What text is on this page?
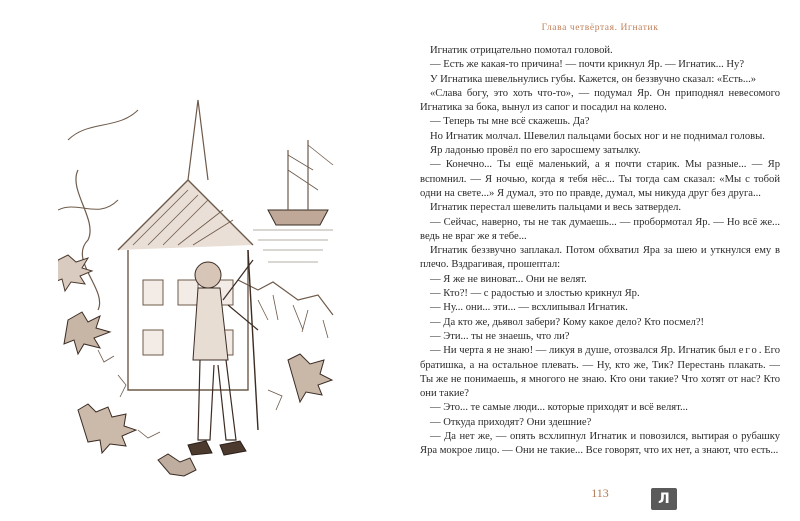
Глава четвёртая. Игнатик

Игнатик отрицательно помотал головой.

— Есть же какая-то причина! — почти крикнул Яр. — Игнатик... Ну?

У Игнатика шевельнулись губы. Кажется, он беззвучно сказал: «Есть...»

«Слава богу, это хоть что-то», — подумал Яр. Он приподнял невесомого Игнатика за бока, вынул из сапог и посадил на колено.

— Теперь ты мне всё скажешь. Да?

Но Игнатик молчал. Шевелил пальцами босых ног и не поднимал головы.

Яр ладонью провёл по его заросшему затылку.

— Конечно... Ты ещё маленький, а я почти старик. Мы разные... — Яр вспомнил. — Я ночью, когда я тебя нёс... Ты тогда сам сказал: «Мы с тобой одни на свете...» Я думал, это по правде, думал, мы никуда друг без друга...

Игнатик перестал шевелить пальцами и весь затвердел.

— Сейчас, наверно, ты не так думаешь... — пробормотал Яр. — Но всё же... ведь не враг же я тебе...

Игнатик беззвучно заплакал. Потом обхватил Яра за шею и уткнулся ему в плечо. Вздрагивая, прошептал:

— Я же не виноват... Они не велят.

— Кто?! — с радостью и злостью крикнул Яр.

— Ну... они... эти... — всхлипывал Игнатик.

— Да кто же, дьявол забери? Кому какое дело? Кто посмел?!

— Эти... ты не знаешь, что ли?

— Ни черта я не знаю! — ликуя в душе, отозвался Яр. Игнатик был его. Его братишка, а на остальное плевать. — Ну, кто же, Тик? Перестань плакать. — Ты же не понимаешь, я многого не знаю. Кто они такие? Что хотят от нас? Кто они такие?

— Это... те самые люди... которые приходят и всё велят...

— Откуда приходят? Они здешние?

— Да нет же, — опять всхлипнул Игнатик и повозился, вытирая о рубашку Яра мокрое лицо. — Они не такие... Все говорят, что их нет, а знают, что есть...

113	Л
